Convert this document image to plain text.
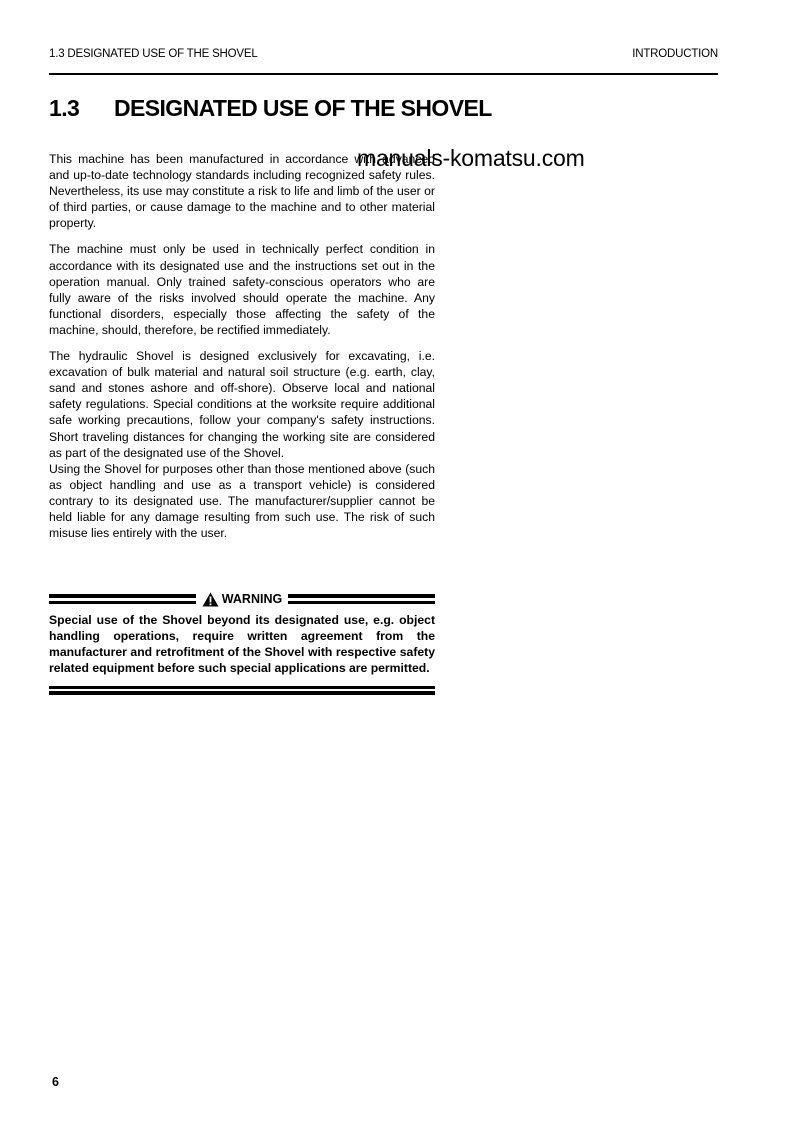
1.3 DESIGNATED USE OF THE SHOVEL	INTRODUCTION
1.3 DESIGNATED USE OF THE SHOVEL

This machine has been manufactured in accordance with advanced and up-to-date technology standards including recognized safety rules. Nevertheless, its use may constitute a risk to life and limb of the user or of third parties, or cause damage to the machine and to other material property.

The machine must only be used in technically perfect condition in accordance with its designated use and the instructions set out in the operation manual. Only trained safety-conscious operators who are fully aware of the risks involved should operate the machine. Any functional disorders, especially those affecting the safety of the machine, should, therefore, be rectified immediately.

The hydraulic Shovel is designed exclusively for excavating, i.e. excavation of bulk material and natural soil structure (e.g. earth, clay, sand and stones ashore and off-shore). Observe local and national safety regulations. Special conditions at the worksite require additional safe working precautions, follow your company's safety instructions. Short traveling distances for changing the working site are considered as part of the designated use of the Shovel.

Using the Shovel for purposes other than those mentioned above (such as object handling and use as a transport vehicle) is considered contrary to its designated use. The manufacturer/supplier cannot be held liable for any damage resulting from such use. The risk of such misuse lies entirely with the user.

manuals-komatsu.com
WARNING
Special use of the Shovel beyond its designated use, e.g. object handling operations, require written agreement from the manufacturer and retrofitment of the Shovel with respective safety related equipment before such special applications are permitted.
6
